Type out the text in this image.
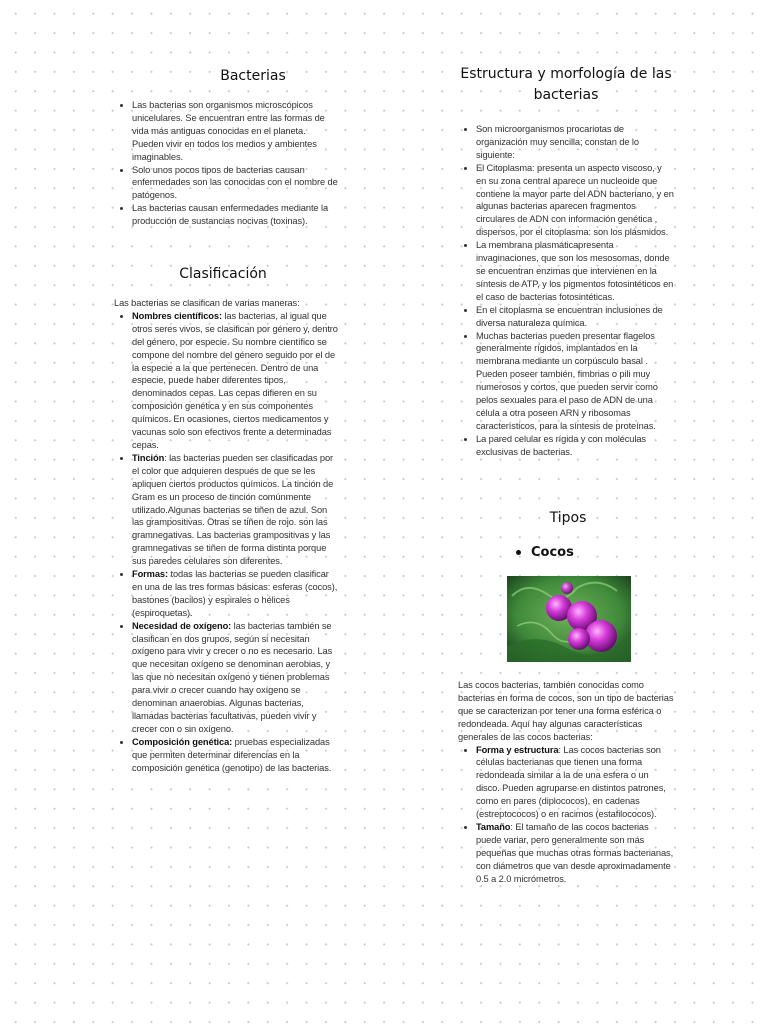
Bacterias
• Las bacterias son organismos microscópicos unicelulares. Se encuentran entre las formas de vida más antiguas conocidas en el planeta. Pueden vivir en todos los medios y ambientes imaginables.
• Solo unos pocos tipos de bacterias causan enfermedades son las conocidas con el nombre de patógenos.
• Las bacterias causan enfermedades mediante la producción de sustancias nocivas (toxinas).
Clasificación

Las bacterias se clasifican de varias maneras:

• Nombres científicos: las bacterias, al igual que otros seres vivos, se clasifican por género y, dentro del género, por especie. Su nombre científico se compone del nombre del género seguido por el de la especie a la que pertenecen. Dentro de una especie, puede haber diferentes tipos, denominados cepas. Las cepas difieren en su composición genética y en sus componentes químicos. En ocasiones, ciertos medicamentos y vacunas solo son efectivos frente a determinadas cepas.
• Tinción: las bacterias pueden ser clasificadas por el color que adquieren después de que se les apliquen ciertos productos químicos. La tinción de Gram es un proceso de tinción comúnmente utilizado.Algunas bacterias se tiñen de azul. Son las grampositivas. Otras se tiñen de rojo. son las gramnegativas. Las bacterias grampositivas y las gramnegativas se tiñen de forma distinta porque sus paredes celulares son diferentes.
• Formas: todas las bacterias se pueden clasificar en una de las tres formas básicas: esferas (cocos), bastones (bacilos) y espirales o hélices (espiroquetas).
• Necesidad de oxígeno: las bacterias también se clasifican en dos grupos, según si necesitan oxígeno para vivir y crecer o no es necesario. Las que necesitan oxígeno se denominan aerobias, y las que no necesitan oxígeno y tienen problemas para vivir o crecer cuando hay oxígeno se denominan anaerobias. Algunas bacterias, llamadas bacterias facultativas, pueden vivir y crecer con o sin oxígeno.
• Composición genética: pruebas especializadas que permiten determinar diferencias en la composición genética (genotipo) de las bacterias.
Estructura y morfología de las bacterias
• Son microorganismos procariotas de organización muy sencilla; constan de lo siguiente:
• El Citoplasma: presenta un aspecto viscoso, y en su zona central aparece un nucleoide que contiene la mayor parte del ADN bacteriano, y en algunas bacterias aparecen fragmentos circulares de ADN con información genética , dispersos, por el citoplasma: son los plásmidos.
• La membrana plasmáticapresenta invaginaciones, que son los mesosomas, donde se encuentran enzimas que intervienen en la síntesis de ATP, y los pigmentos fotosintéticos en el caso de bacterias fotosintéticas.
• En el citoplasma se encuentran inclusiones de diversa naturaleza química.
• Muchas bacterias pueden presentar flagelos generalmente rígidos, implantados en la membrana mediante un corpúsculo basal . Pueden poseer también, fimbrias o pili muy numerosos y cortos, que pueden servir como pelos sexuales para el paso de ADN de una célula a otra poseen ARN y ribosomas característicos, para la síntesis de proteínas.
• La pared celular es rígida y con moléculas exclusivas de bacterias.
Tipos
Cocos

Las cocos bacterias, también conocidas como bacterias en forma de cocos, son un tipo de bacterias que se caracterizan por tener una forma esférica o redondeada. Aquí hay algunas características generales de las cocos bacterias:

• Forma y estructura: Las cocos bacterias son células bacterianas que tienen una forma redondeada similar a la de una esfera o un disco. Pueden agruparse en distintos patrones, como en pares (diplococos), en cadenas (estreptococos) o en racimos (estafilococos).
• Tamaño: El tamaño de las cocos bacterias puede variar, pero generalmente son más pequeñas que muchas otras formas bacterianas, con diámetros que van desde aproximadamente 0.5 a 2.0 micrómetros.
